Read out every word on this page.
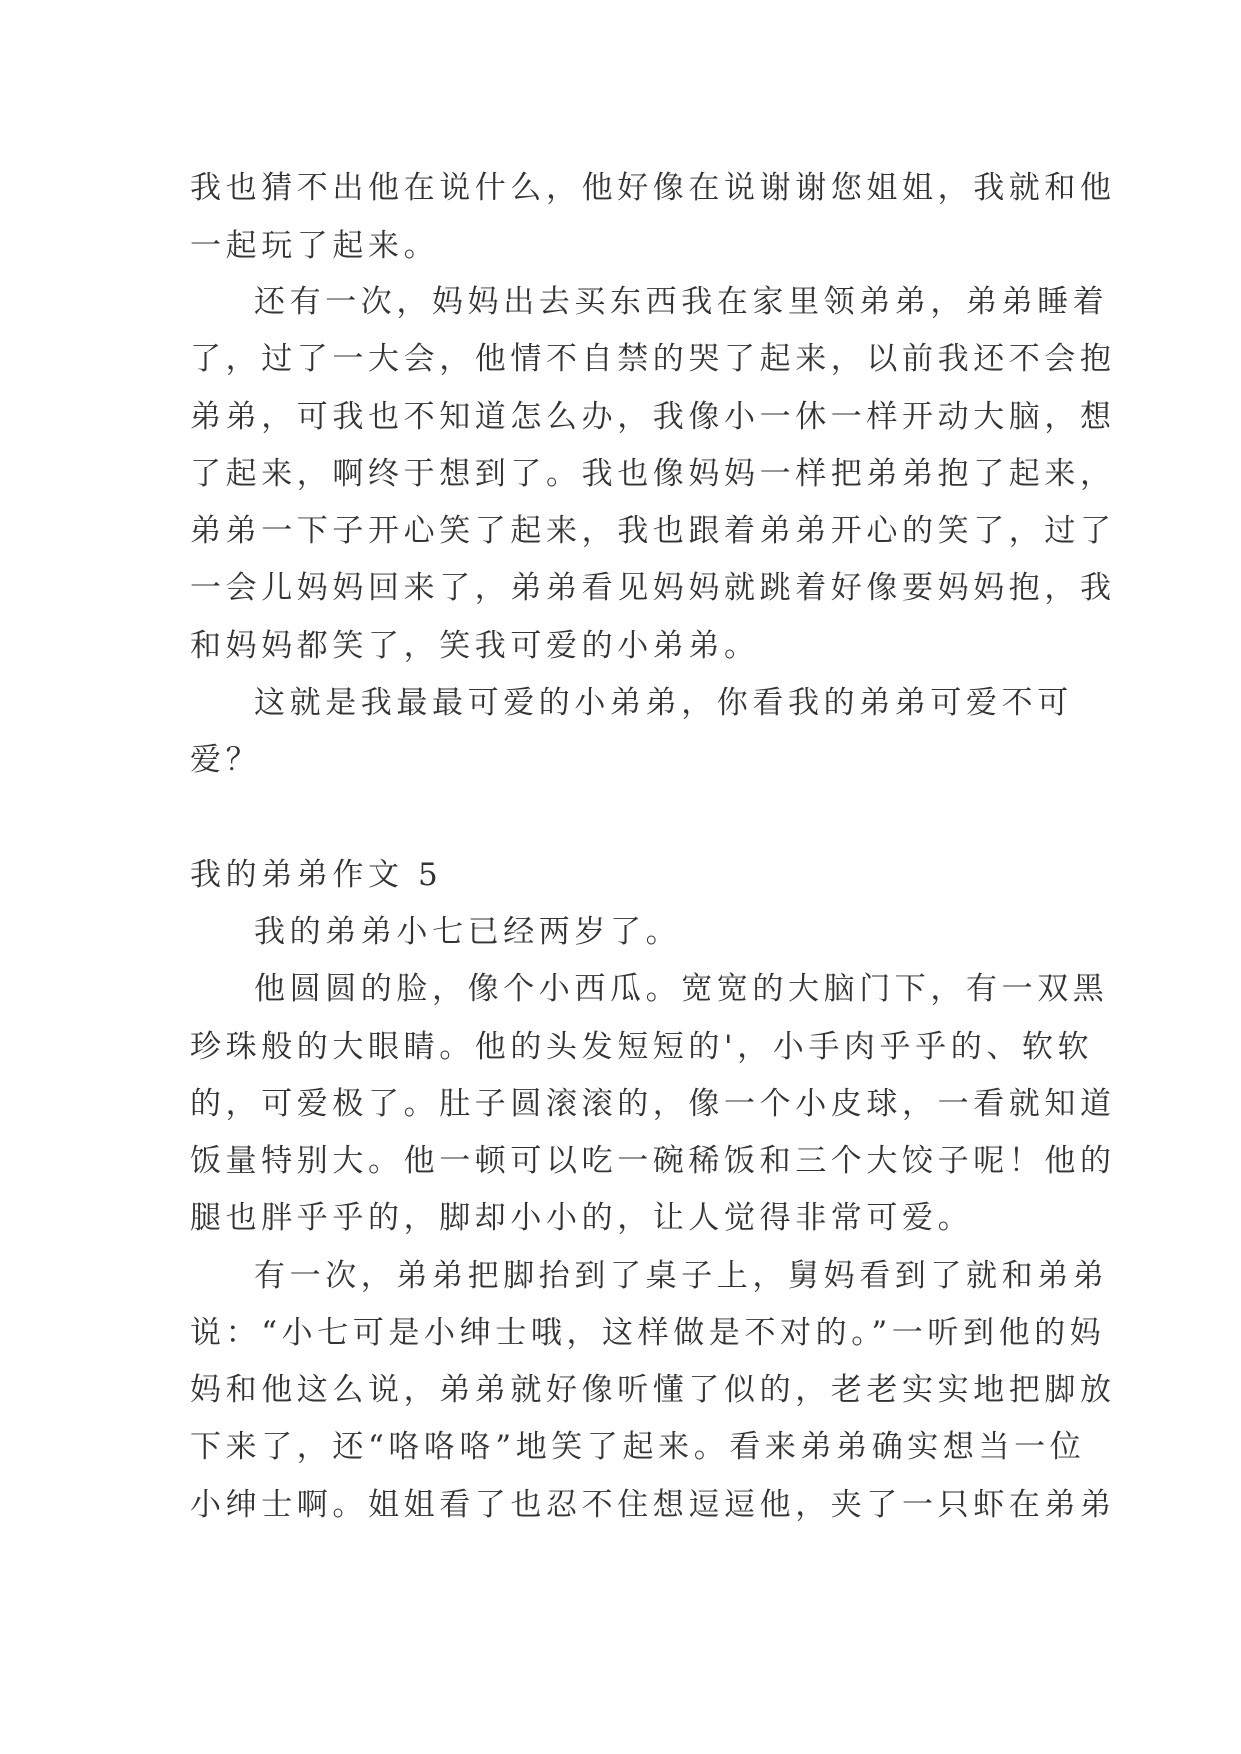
我也猜不出他在说什么，他好像在说谢谢您姐姐，我就和他
一起玩了起来。
还有一次，妈妈出去买东西我在家里领弟弟，弟弟睡着
了，过了一大会，他情不自禁的哭了起来，以前我还不会抱
弟弟，可我也不知道怎么办，我像小一休一样开动大脑，想
了起来，啊终于想到了。我也像妈妈一样把弟弟抱了起来，
弟弟一下子开心笑了起来，我也跟着弟弟开心的笑了，过了
一会儿妈妈回来了，弟弟看见妈妈就跳着好像要妈妈抱，我
和妈妈都笑了，笑我可爱的小弟弟。
这就是我最最可爱的小弟弟，你看我的弟弟可爱不可
爱？
我的弟弟作文 5
我的弟弟小七已经两岁了。
他圆圆的脸，像个小西瓜。宽宽的大脑门下，有一双黑
珍珠般的大眼睛。他的头发短短的'，小手肉乎乎的、软软
的，可爱极了。肚子圆滚滚的，像一个小皮球，一看就知道
饭量特别大。他一顿可以吃一碗稀饭和三个大饺子呢！他的
腿也胖乎乎的，脚却小小的，让人觉得非常可爱。
有一次，弟弟把脚抬到了桌子上，舅妈看到了就和弟弟
说：“小七可是小绅士哦，这样做是不对的。”一听到他的妈
妈和他这么说，弟弟就好像听懂了似的，老老实实地把脚放
下来了，还“咯咯咯”地笑了起来。看来弟弟确实想当一位
小绅士啊。姐姐看了也忍不住想逗逗他，夹了一只虾在弟弟
